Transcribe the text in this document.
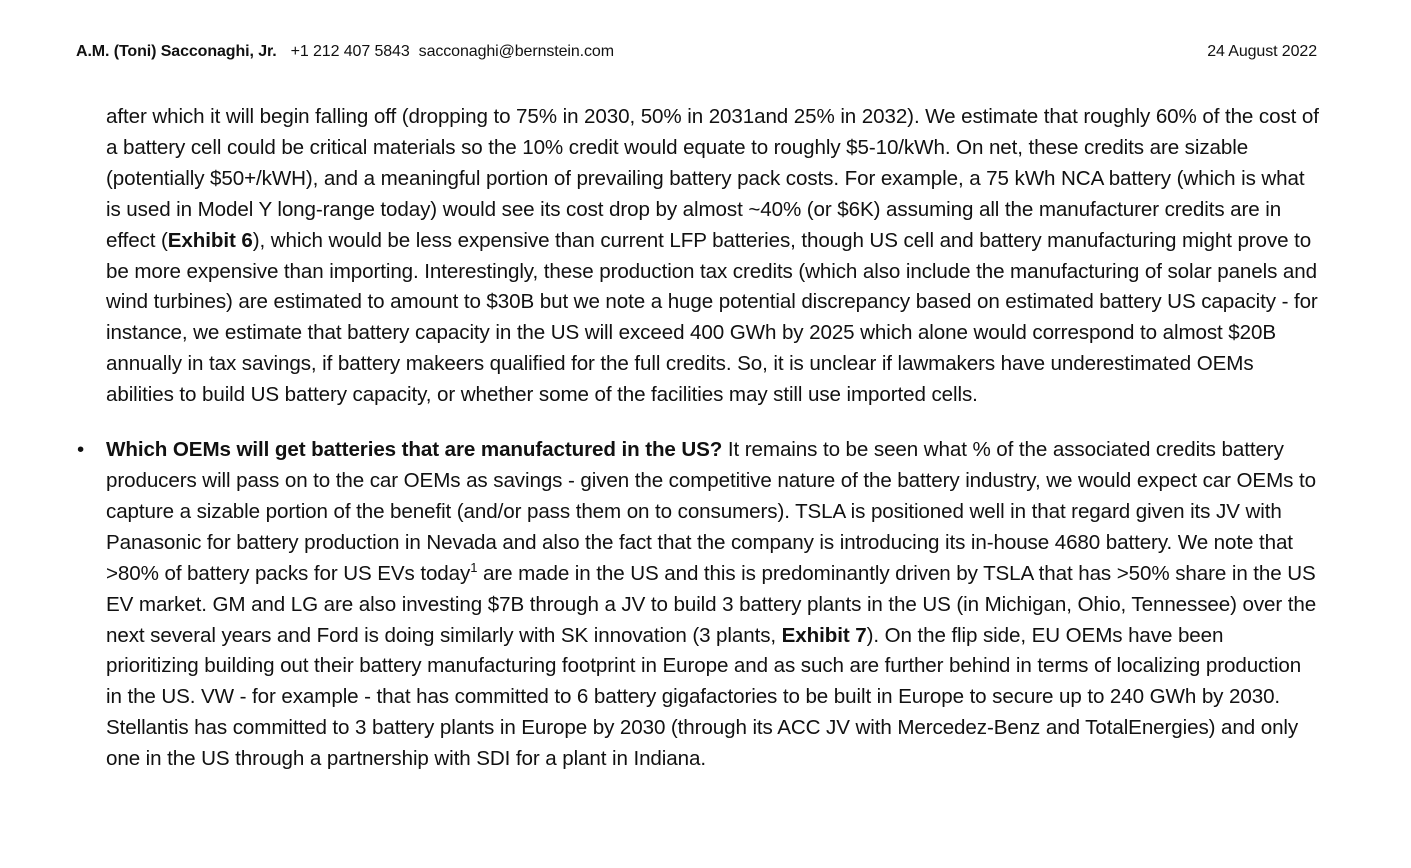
A.M. (Toni) Sacconaghi, Jr. +1 212 407 5843 sacconaghi@bernstein.com	24 August 2022

after which it will begin falling off (dropping to 75% in 2030, 50% in 2031and 25% in 2032). We estimate that roughly 60% of the cost of a battery cell could be critical materials so the 10% credit would equate to roughly $5-10/kWh. On net, these credits are sizable (potentially $50+/kWH), and a meaningful portion of prevailing battery pack costs. For example, a 75 kWh NCA battery (which is what is used in Model Y long-range today) would see its cost drop by almost ~40% (or $6K) assuming all the manufacturer credits are in effect (Exhibit 6), which would be less expensive than current LFP batteries, though US cell and battery manufacturing might prove to be more expensive than importing. Interestingly, these production tax credits (which also include the manufacturing of solar panels and wind turbines) are estimated to amount to $30B but we note a huge potential discrepancy based on estimated battery US capacity - for instance, we estimate that battery capacity in the US will exceed 400 GWh by 2025 which alone would correspond to almost $20B annually in tax savings, if battery makeers qualified for the full credits. So, it is unclear if lawmakers have underestimated OEMs abilities to build US battery capacity, or whether some of the facilities may still use imported cells.

• Which OEMs will get batteries that are manufactured in the US? It remains to be seen what % of the associated credits battery producers will pass on to the car OEMs as savings - given the competitive nature of the battery industry, we would expect car OEMs to capture a sizable portion of the benefit (and/or pass them on to consumers). TSLA is positioned well in that regard given its JV with Panasonic for battery production in Nevada and also the fact that the company is introducing its in-house 4680 battery. We note that >80% of battery packs for US EVs today$^1$ are made in the US and this is predominantly driven by TSLA that has >50% share in the US EV market. GM and LG are also investing $7B through a JV to build 3 battery plants in the US (in Michigan, Ohio, Tennessee) over the next several years and Ford is doing similarly with SK innovation (3 plants, Exhibit 7). On the flip side, EU OEMs have been prioritizing building out their battery manufacturing footprint in Europe and as such are further behind in terms of localizing production in the US. VW - for example - that has committed to 6 battery gigafactories to be built in Europe to secure up to 240 GWh by 2030. Stellantis has committed to 3 battery plants in Europe by 2030 (through its ACC JV with Mercedez-Benz and TotalEnergies) and only one in the US through a partnership with SDI for a plant in Indiana.
